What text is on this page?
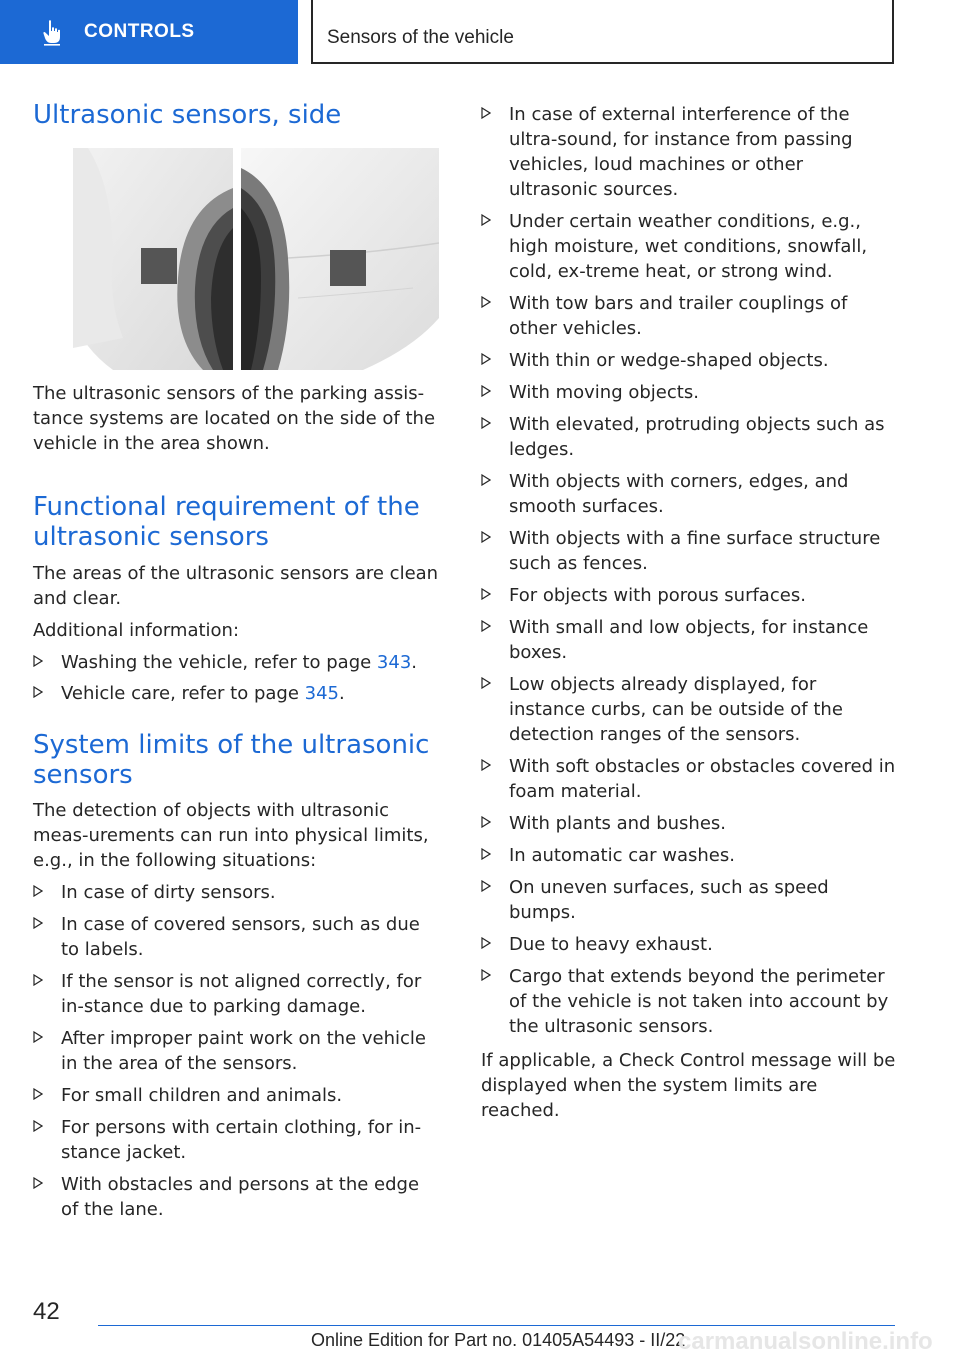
CONTROLS	Sensors of the vehicle
Ultrasonic sensors, side

The ultrasonic sensors of the parking assis-tance systems are located on the side of the vehicle in the area shown.

Functional requirement of the ultrasonic sensors

The areas of the ultrasonic sensors are clean and clear.

Additional information:

Washing the vehicle, refer to page 343.
Vehicle care, refer to page 345.
System limits of the ultrasonic sensors

The detection of objects with ultrasonic meas-urements can run into physical limits, e.g., in the following situations:

In case of dirty sensors.
In case of covered sensors, such as due to labels.
If the sensor is not aligned correctly, for in-stance due to parking damage.
After improper paint work on the vehicle in the area of the sensors.
For small children and animals.
For persons with certain clothing, for in-stance jacket.
With obstacles and persons at the edge of the lane.
In case of external interference of the ultra-sound, for instance from passing vehicles, loud machines or other ultrasonic sources.
Under certain weather conditions, e.g., high moisture, wet conditions, snowfall, cold, ex-treme heat, or strong wind.
With tow bars and trailer couplings of other vehicles.
With thin or wedge-shaped objects.
With moving objects.
With elevated, protruding objects such as ledges.
With objects with corners, edges, and smooth surfaces.
With objects with a fine surface structure such as fences.
For objects with porous surfaces.
With small and low objects, for instance boxes.
Low objects already displayed, for instance curbs, can be outside of the detection ranges of the sensors.
With soft obstacles or obstacles covered in foam material.
With plants and bushes.
In automatic car washes.
On uneven surfaces, such as speed bumps.
Due to heavy exhaust.
Cargo that extends beyond the perimeter of the vehicle is not taken into account by the ultrasonic sensors.

If applicable, a Check Control message will be displayed when the system limits are reached.

42
Online Edition for Part no. 01405A54493 - II/22
carmanualsonline.info
